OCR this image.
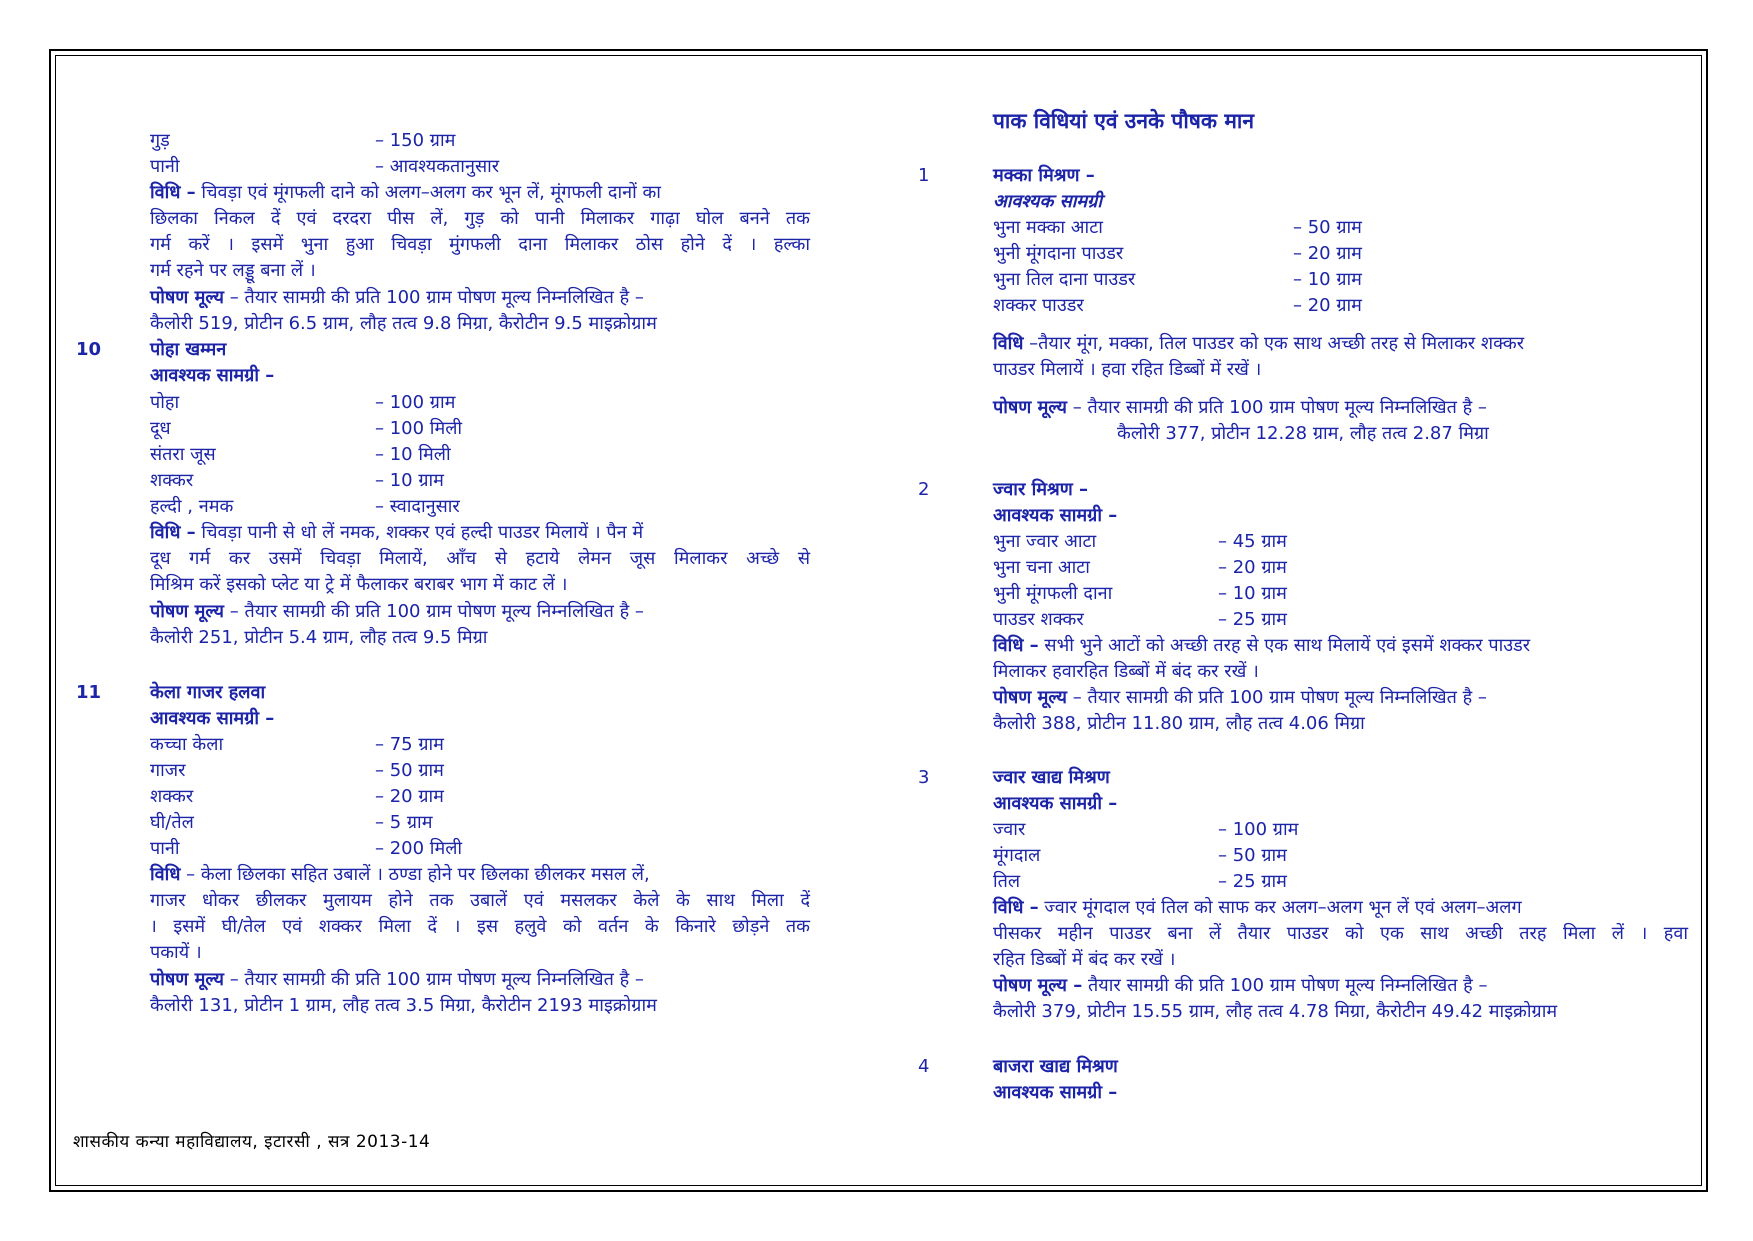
गुड़	– 150 ग्राम
पानी	– आवश्यकतानुसार
विधि – चिवड़ा एवं मूंगफली दाने को अलग–अलग कर भून लें, मूंगफली दानों का
छिलका निकल दें एवं दरदरा पीस लें, गुड़ को पानी मिलाकर गाढ़ा घोल बनने तक
गर्म करें । इसमें भुना हुआ चिवड़ा मुंगफली दाना मिलाकर ठोस होने दें । हल्का
गर्म रहने पर लड्डू बना लें ।
पोषण मूल्य – तैयार सामग्री की प्रति 100 ग्राम पोषण मूल्य निम्नलिखित है –
कैलोरी 519, प्रोटीन 6.5 ग्राम, लौह तत्व 9.8 मिग्रा, कैरोटीन 9.5 माइक्रोग्राम
10	पोहा खम्मन
आवश्यक सामग्री –
पोहा	– 100 ग्राम
दूध	– 100 मिली
संतरा जूस	– 10 मिली
शक्कर	– 10 ग्राम
हल्दी , नमक	– स्वादानुसार
विधि – चिवड़ा पानी से धो लें नमक, शक्कर एवं हल्दी पाउडर मिलायें । पैन में
दूध गर्म कर उसमें चिवड़ा मिलायें, आँच से हटाये लेमन जूस मिलाकर अच्छे से
मिश्रिम करें इसको प्लेट या ट्रे में फैलाकर बराबर भाग में काट लें ।
पोषण मूल्य – तैयार सामग्री की प्रति 100 ग्राम पोषण मूल्य निम्नलिखित है –
कैलोरी 251, प्रोटीन 5.4 ग्राम, लौह तत्व 9.5 मिग्रा
11	केला गाजर हलवा
आवश्यक सामग्री –
कच्चा केला	– 75 ग्राम
गाजर	– 50 ग्राम
शक्कर	– 20 ग्राम
घी/तेल	– 5 ग्राम
पानी	– 200 मिली
विधि – केला छिलका सहित उबालें । ठण्डा होने पर छिलका छीलकर मसल लें,
गाजर धोकर छीलकर मुलायम होने तक उबालें एवं मसलकर केले के साथ मिला दें
। इसमें घी/तेल एवं शक्कर मिला दें । इस हलुवे को वर्तन के किनारे छोड़ने तक
पकायें ।
पोषण मूल्य – तैयार सामग्री की प्रति 100 ग्राम पोषण मूल्य निम्नलिखित है –
कैलोरी 131, प्रोटीन 1 ग्राम, लौह तत्व 3.5 मिग्रा, कैरोटीन 2193 माइक्रोग्राम
शासकीय कन्या महाविद्यालय, इटारसी , सत्र 2013-14
पाक विधियां एवं उनके पौषक मान
1	मक्का मिश्रण –
आवश्यक सामग्री
भुना मक्का आटा	– 50 ग्राम
भुनी मूंगदाना पाउडर	– 20 ग्राम
भुना तिल दाना पाउडर	– 10 ग्राम
शक्कर पाउडर	– 20 ग्राम
विधि –तैयार मूंग, मक्का, तिल पाउडर को एक साथ अच्छी तरह से मिलाकर शक्कर
पाउडर मिलायें । हवा रहित डिब्बों में रखें ।
पोषण मूल्य – तैयार सामग्री की प्रति 100 ग्राम पोषण मूल्य निम्नलिखित है –
कैलोरी 377, प्रोटीन 12.28 ग्राम, लौह तत्व 2.87 मिग्रा
2	ज्वार मिश्रण –
आवश्यक सामग्री –
भुना ज्वार आटा	– 45 ग्राम
भुना चना आटा	– 20 ग्राम
भुनी मूंगफली दाना	– 10 ग्राम
पाउडर शक्कर	– 25 ग्राम
विधि – सभी भुने आटों को अच्छी तरह से एक साथ मिलायें एवं इसमें शक्कर पाउडर
मिलाकर हवारहित डिब्बों में बंद कर रखें ।
पोषण मूल्य – तैयार सामग्री की प्रति 100 ग्राम पोषण मूल्य निम्नलिखित है –
कैलोरी 388, प्रोटीन 11.80 ग्राम, लौह तत्व 4.06 मिग्रा
3	ज्वार खाद्य मिश्रण
आवश्यक सामग्री –
ज्वार	– 100 ग्राम
मूंगदाल	– 50 ग्राम
तिल	– 25 ग्राम
विधि – ज्वार मूंगदाल एवं तिल को साफ कर अलग–अलग भून लें एवं अलग–अलग
पीसकर महीन पाउडर बना लें तैयार पाउडर को एक साथ अच्छी तरह मिला लें । हवा
रहित डिब्बों में बंद कर रखें ।
पोषण मूल्य – तैयार सामग्री की प्रति 100 ग्राम पोषण मूल्य निम्नलिखित है –
कैलोरी 379, प्रोटीन 15.55 ग्राम, लौह तत्व 4.78 मिग्रा, कैरोटीन 49.42 माइक्रोग्राम
4	बाजरा खाद्य मिश्रण
आवश्यक सामग्री –
